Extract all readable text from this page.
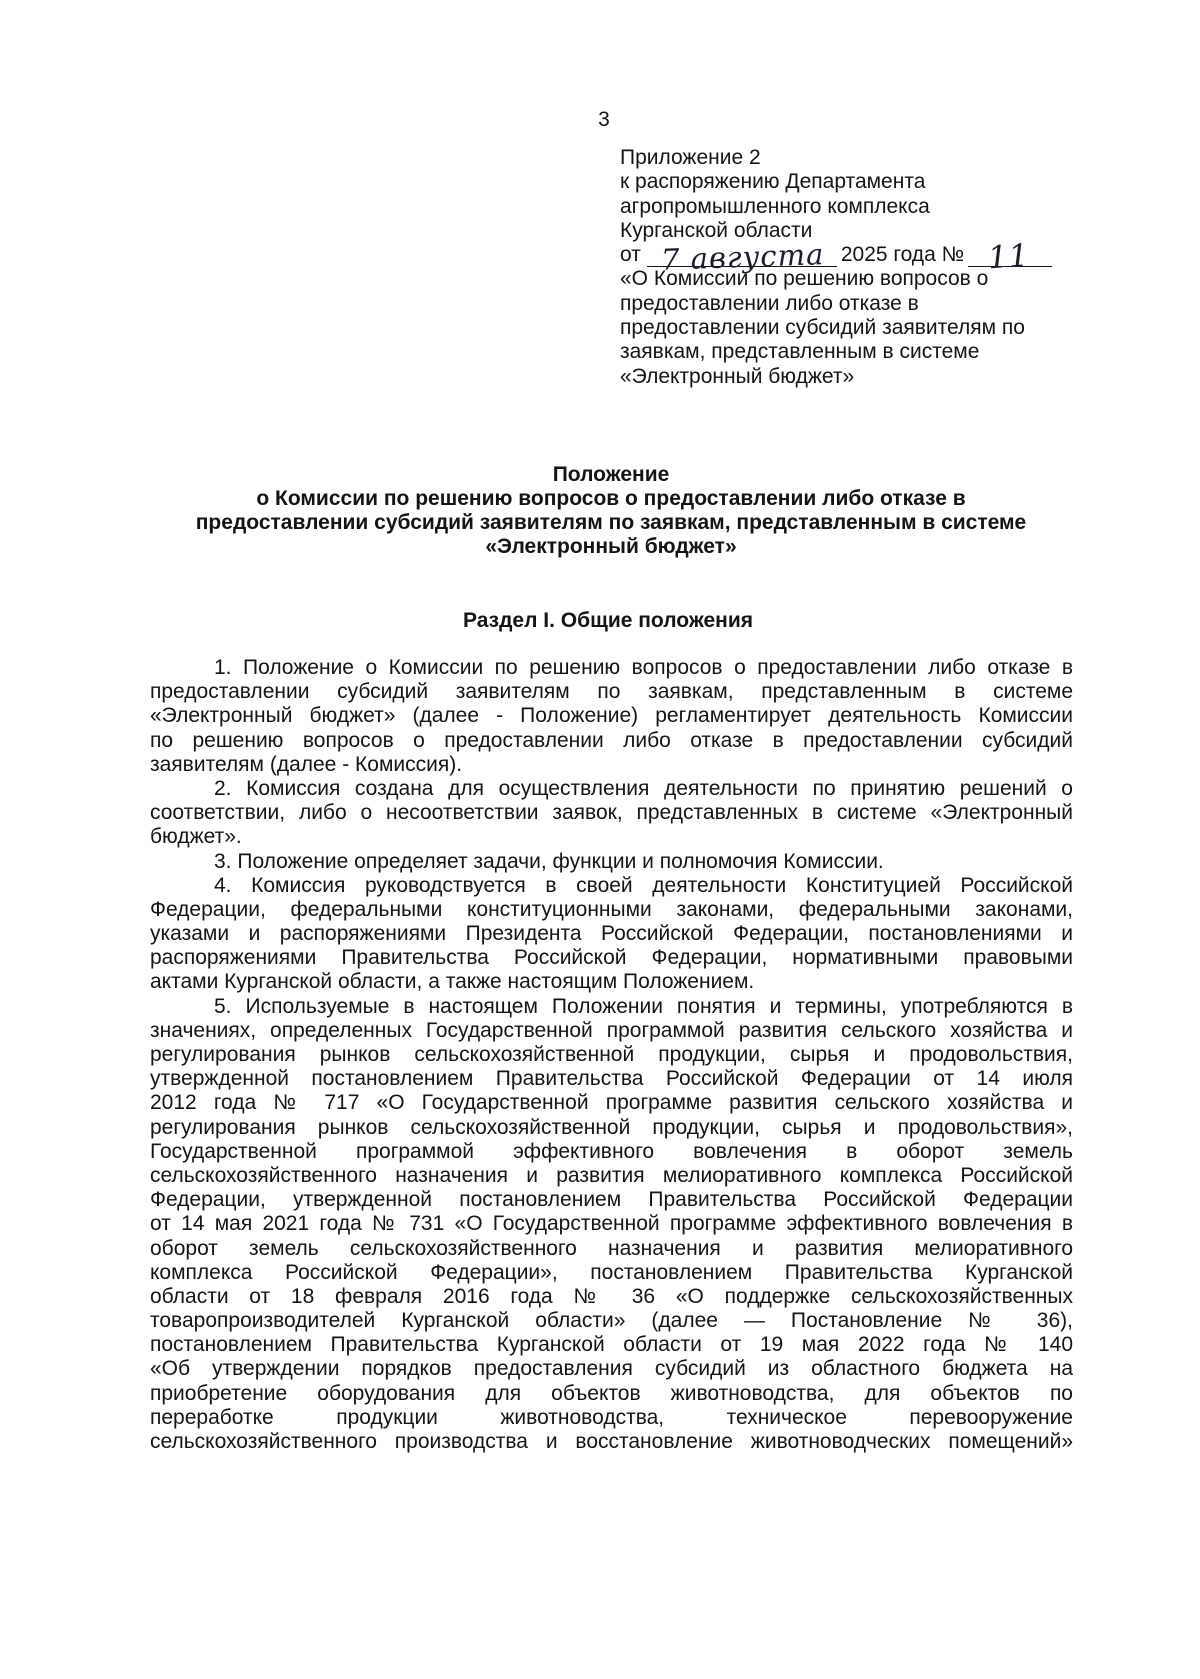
3
Приложение 2
к распоряжению Департамента
агропромышленного комплекса
Курганской области
от 7 августа 2025 года № 11
«О Комиссии по решению вопросов о
предоставлении либо отказе в
предоставлении субсидий заявителям по
заявкам, представленным в системе
«Электронный бюджет»
Положение
о Комиссии по решению вопросов о предоставлении либо отказе в
предоставлении субсидий заявителям по заявкам, представленным в системе
«Электронный бюджет»
Раздел I. Общие положения
1. Положение о Комиссии по решению вопросов о предоставлении либо отказе в
предоставлении субсидий заявителям по заявкам, представленным в системе
«Электронный бюджет» (далее - Положение) регламентирует деятельность Комиссии
по решению вопросов о предоставлении либо отказе в предоставлении субсидий
заявителям (далее - Комиссия).
2. Комиссия создана для осуществления деятельности по принятию решений о
соответствии, либо о несоответствии заявок, представленных в системе «Электронный
бюджет».
3. Положение определяет задачи, функции и полномочия Комиссии.
4. Комиссия руководствуется в своей деятельности Конституцией Российской
Федерации, федеральными конституционными законами, федеральными законами,
указами и распоряжениями Президента Российской Федерации, постановлениями и
распоряжениями Правительства Российской Федерации, нормативными правовыми
актами Курганской области, а также настоящим Положением.
5. Используемые в настоящем Положении понятия и термины, употребляются в
значениях, определенных Государственной программой развития сельского хозяйства и
регулирования рынков сельскохозяйственной продукции, сырья и продовольствия,
утвержденной постановлением Правительства Российской Федерации от 14 июля
2012 года № 717 «О Государственной программе развития сельского хозяйства и
регулирования рынков сельскохозяйственной продукции, сырья и продовольствия»,
Государственной программой эффективного вовлечения в оборот земель
сельскохозяйственного назначения и развития мелиоративного комплекса Российской
Федерации, утвержденной постановлением Правительства Российской Федерации
от 14 мая 2021 года № 731 «О Государственной программе эффективного вовлечения в
оборот земель сельскохозяйственного назначения и развития мелиоративного
комплекса Российской Федерации», постановлением Правительства Курганской
области от 18 февраля 2016 года № 36 «О поддержке сельскохозяйственных
товаропроизводителей Курганской области» (далее — Постановление № 36),
постановлением Правительства Курганской области от 19 мая 2022 года № 140
«Об утверждении порядков предоставления субсидий из областного бюджета на
приобретение оборудования для объектов животноводства, для объектов по
переработке продукции животноводства, техническое перевооружение
сельскохозяйственного производства и восстановление животноводческих помещений»
